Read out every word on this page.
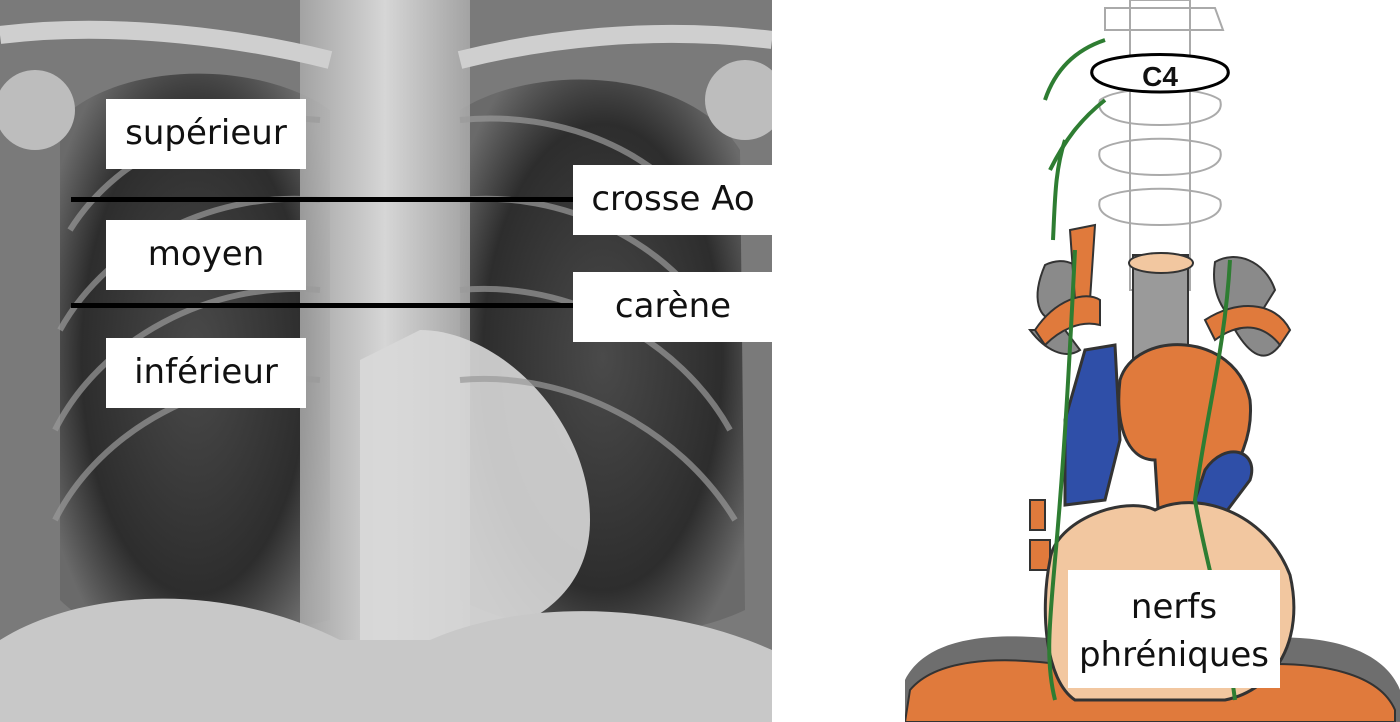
supérieur
moyen
inférieur
crosse Ao
carène
C4
nerfs
phréniques
